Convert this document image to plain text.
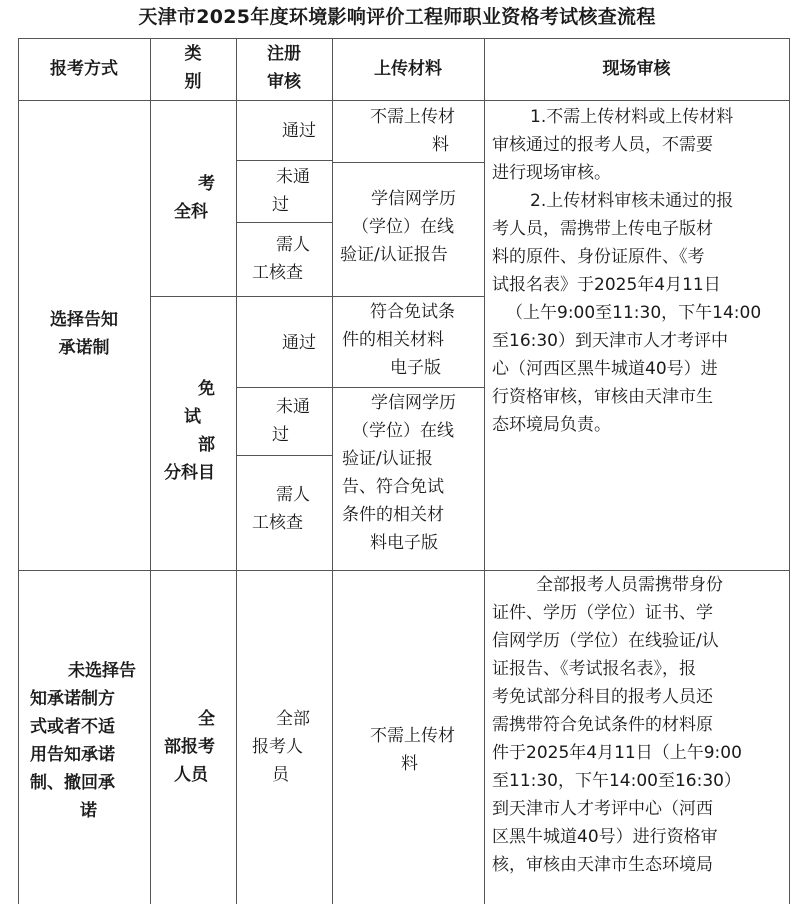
天津市2025年度环境影响评价工程师职业资格考试核查流程
报考方式
类
别
注册
审核
上传材料	现场审核
选择告知
承诺制
考
全科
通过
未通
过
需人
工核查
不需上传材
料
学信网学历
（学位）在线
验证/认证报告
免
试
部
分科目
通过
未通
过
需人
工核查
符合免试条
件的相关材料
电子版
学信网学历
（学位）在线
验证/认证报
告、符合免试
条件的相关材
料电子版
1.不需上传材料或上传材料
审核通过的报考人员，不需要
进行现场审核。
2.上传材料审核未通过的报
考人员，需携带上传电子版材
料的原件、身份证原件、《考
试报名表》于2025年4月11日
（上午9:00至11:30，下午14:00
至16:30）到天津市人才考评中
心（河西区黑牛城道40号）进
行资格审核，审核由天津市生
态环境局负责。
未选择告
知承诺制方
式或者不适
用告知承诺
制、撤回承
诺
全
部报考
人员
全部
报考人
员
不需上传材
料
全部报考人员需携带身份
证件、学历（学位）证书、学
信网学历（学位）在线验证/认
证报告、《考试报名表》，报
考免试部分科目的报考人员还
需携带符合免试条件的材料原
件于2025年4月11日（上午9:00
至11:30，下午14:00至16:30）
到天津市人才考评中心（河西
区黑牛城道40号）进行资格审
核，审核由天津市生态环境局
